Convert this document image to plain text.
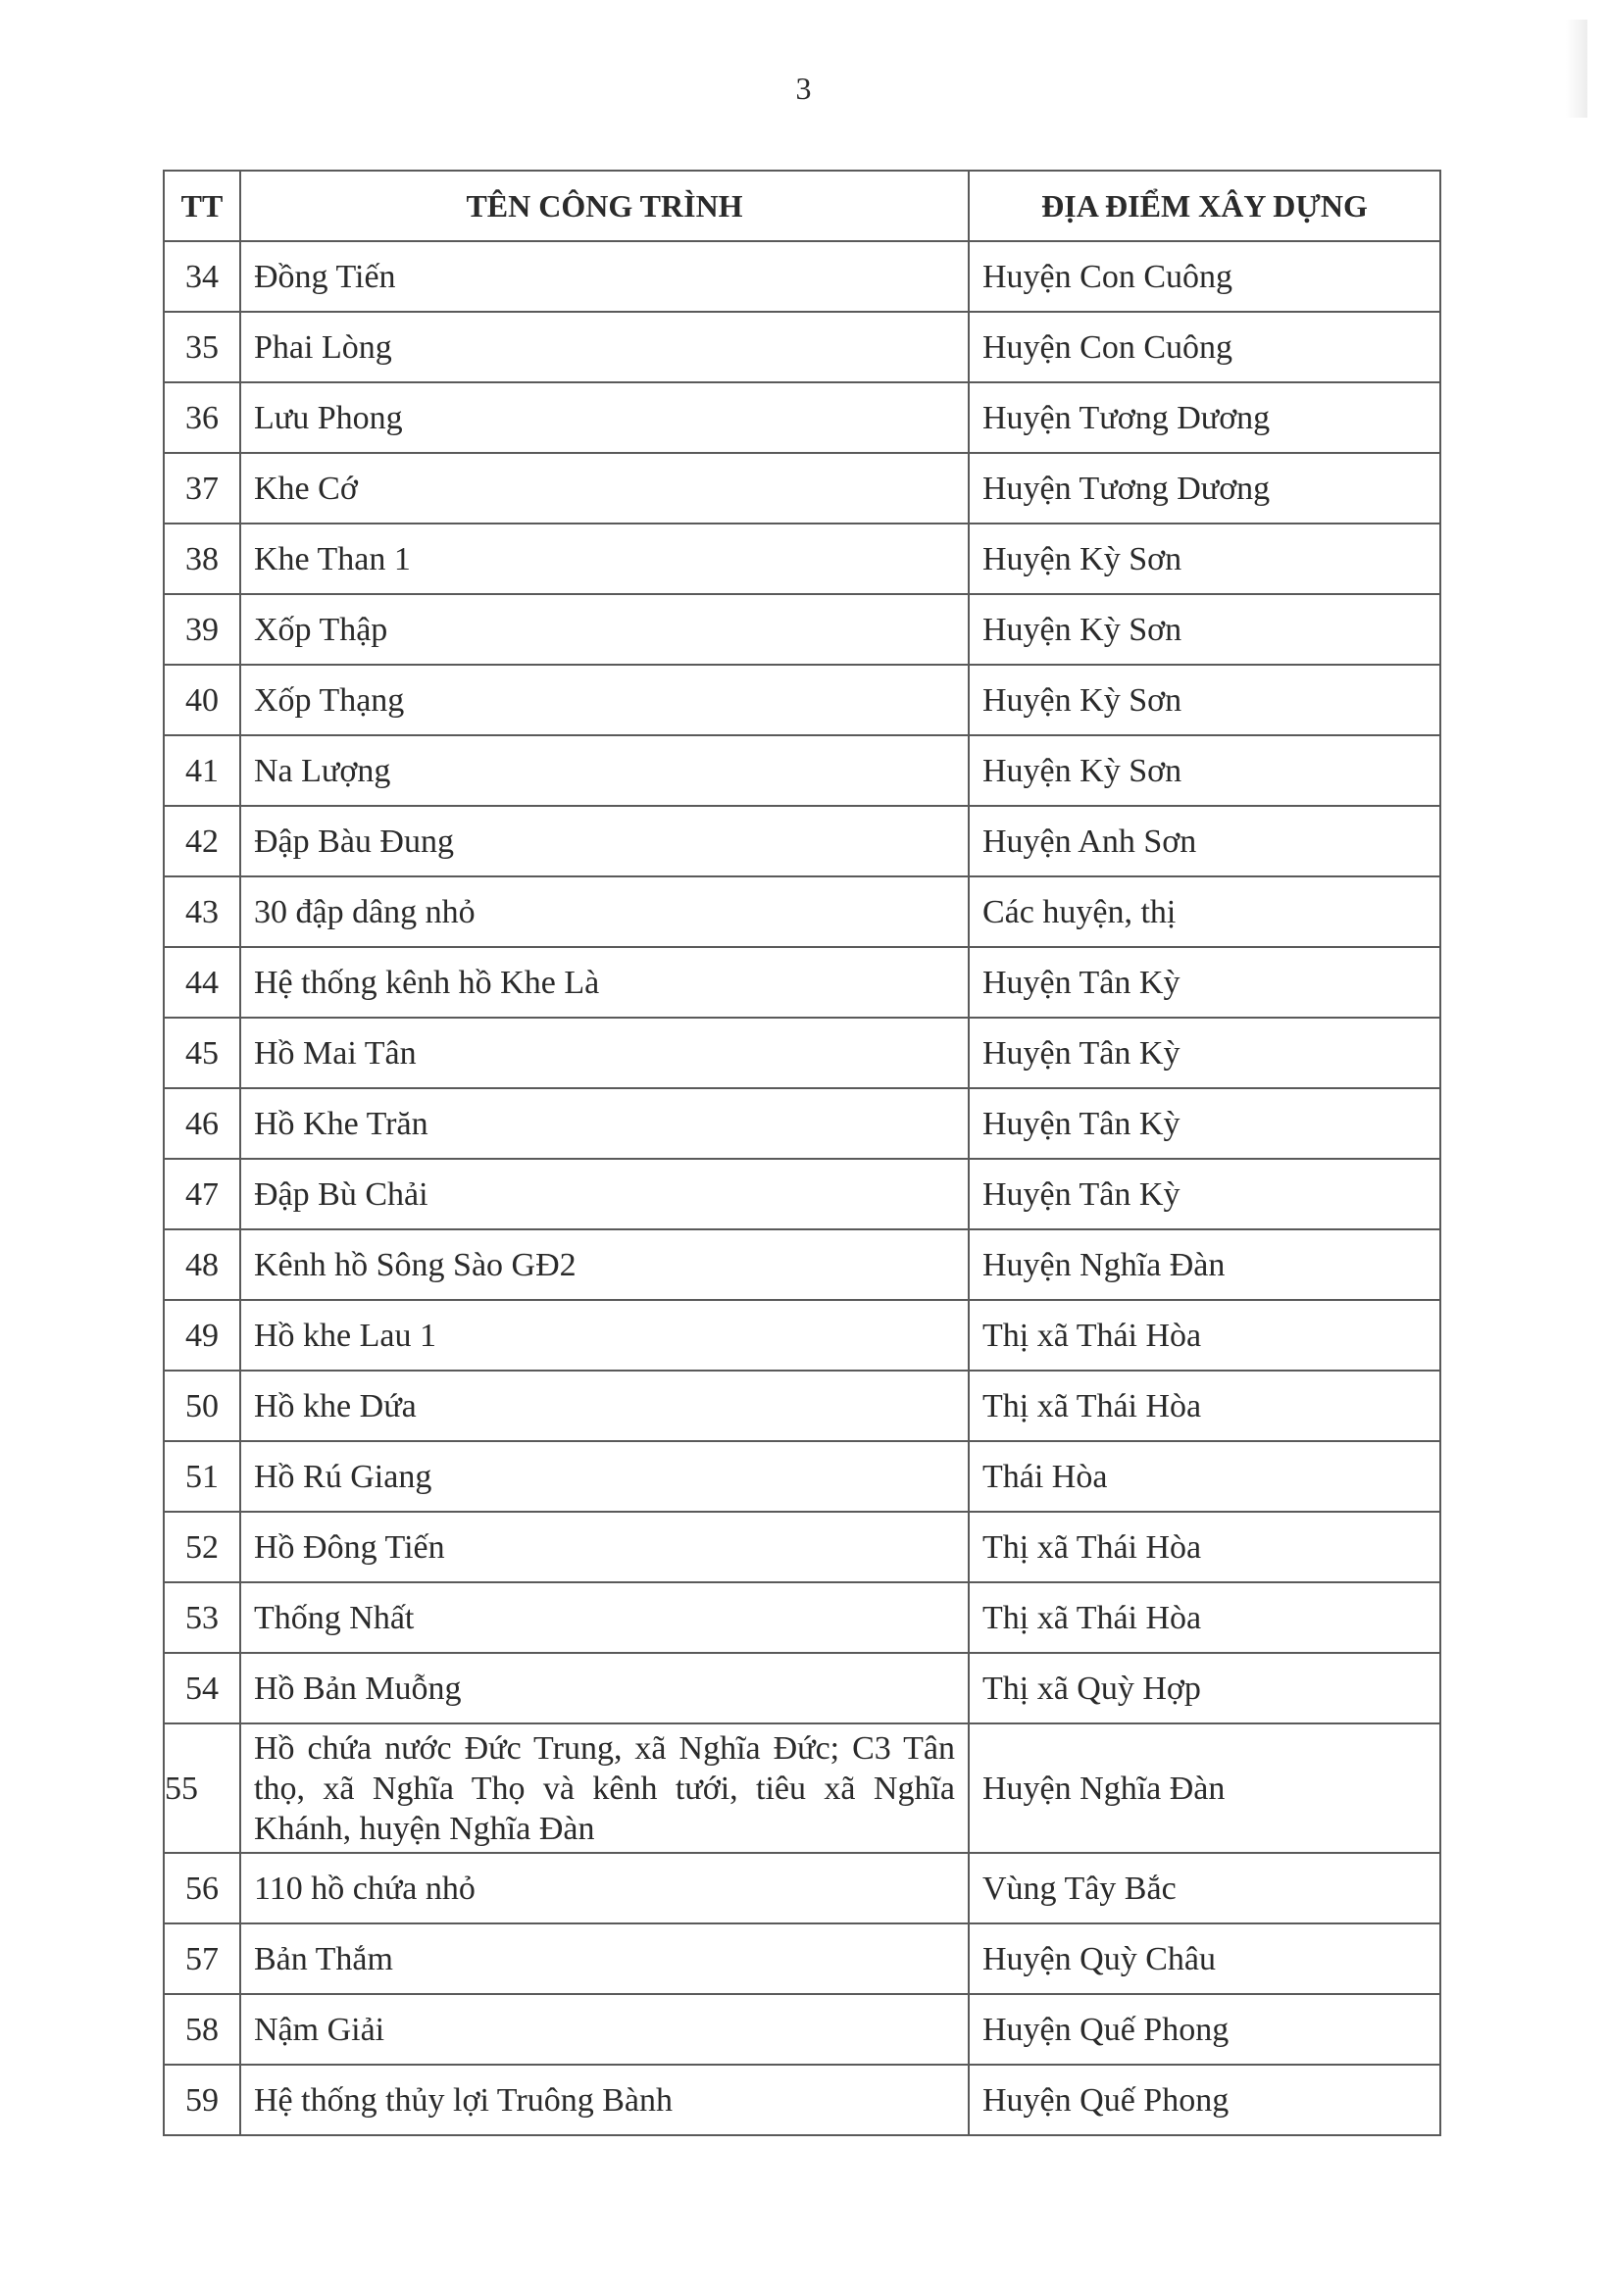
3
TT	TÊN CÔNG TRÌNH	ĐỊA ĐIỂM XÂY DỰNG
34	Đồng Tiến	Huyện Con Cuông
35	Phai Lòng	Huyện Con Cuông
36	Lưu Phong	Huyện Tương Dương
37	Khe Cớ	Huyện Tương Dương
38	Khe Than 1	Huyện Kỳ Sơn
39	Xốp Thập	Huyện Kỳ Sơn
40	Xốp Thạng	Huyện Kỳ Sơn
41	Na Lượng	Huyện Kỳ Sơn
42	Đập Bàu Đung	Huyện Anh Sơn
43	30 đập dâng nhỏ	Các huyện, thị
44	Hệ thống kênh hồ Khe Là	Huyện Tân Kỳ
45	Hồ Mai Tân	Huyện Tân Kỳ
46	Hồ Khe Trăn	Huyện Tân Kỳ
47	Đập Bù Chải	Huyện Tân Kỳ
48	Kênh hồ Sông Sào GĐ2	Huyện Nghĩa Đàn
49	Hồ khe Lau 1	Thị xã Thái Hòa
50	Hồ khe Dứa	Thị xã Thái Hòa
51	Hồ Rú Giang	Thái Hòa
52	Hồ Đông Tiến	Thị xã Thái Hòa
53	Thống Nhất	Thị xã Thái Hòa
54	Hồ Bản Muỗng	Thị xã Quỳ Hợp
55	Hồ chứa nước Đức Trung, xã Nghĩa Đức; C3 Tân thọ, xã Nghĩa Thọ và kênh tưới, tiêu xã Nghĩa Khánh, huyện Nghĩa Đàn	Huyện Nghĩa Đàn
56	110 hồ chứa nhỏ	Vùng Tây Bắc
57	Bản Thắm	Huyện Quỳ Châu
58	Nậm Giải	Huyện Quế Phong
59	Hệ thống thủy lợi Truông Bành	Huyện Quế Phong
